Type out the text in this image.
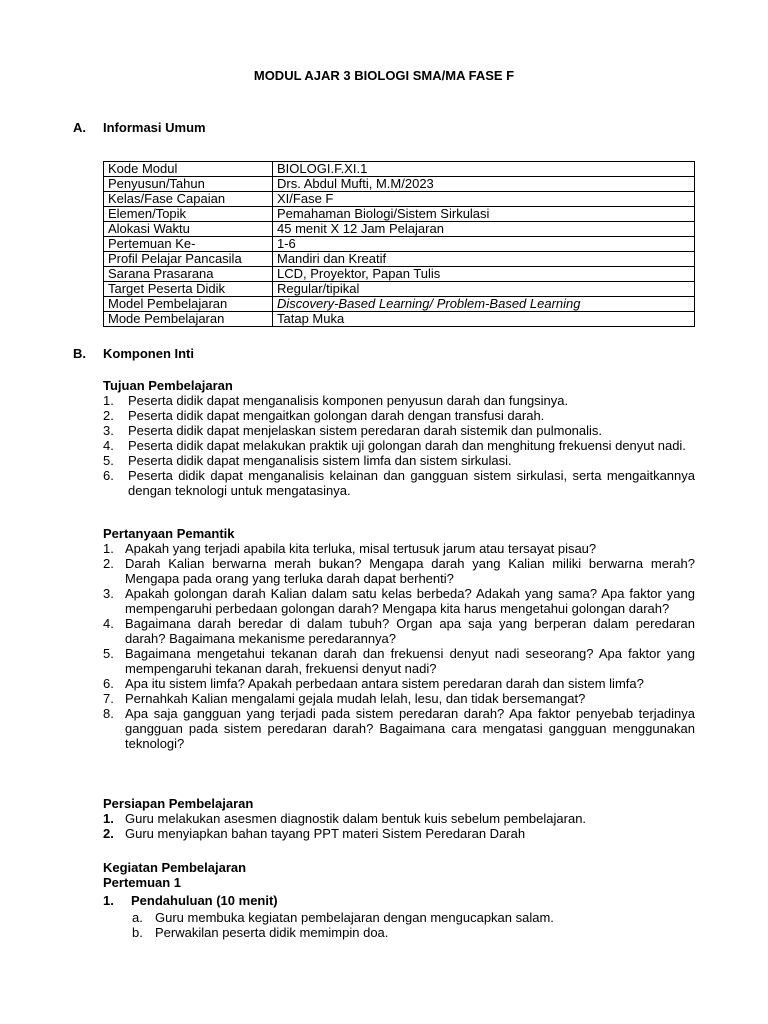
MODUL AJAR 3 BIOLOGI SMA/MA FASE F
A. Informasi Umum
Kode Modul	BIOLOGI.F.XI.1
Penyusun/Tahun	Drs. Abdul Mufti, M.M/2023
Kelas/Fase Capaian	XI/Fase F
Elemen/Topik	Pemahaman Biologi/Sistem Sirkulasi
Alokasi Waktu	45 menit X 12 Jam Pelajaran
Pertemuan Ke-	1-6
Profil Pelajar Pancasila	Mandiri dan Kreatif
Sarana Prasarana	LCD, Proyektor, Papan Tulis
Target Peserta Didik	Regular/tipikal
Model Pembelajaran	Discovery-Based Learning/ Problem-Based Learning
Mode Pembelajaran	Tatap Muka
B. Komponen Inti
Tujuan Pembelajaran
1. Peserta didik dapat menganalisis komponen penyusun darah dan fungsinya.
2. Peserta didik dapat mengaitkan golongan darah dengan transfusi darah.
3. Peserta didik dapat menjelaskan sistem peredaran darah sistemik dan pulmonalis.
4. Peserta didik dapat melakukan praktik uji golongan darah dan menghitung frekuensi denyut nadi.
5. Peserta didik dapat menganalisis sistem limfa dan sistem sirkulasi.
6. Peserta didik dapat menganalisis kelainan dan gangguan sistem sirkulasi, serta mengaitkannya dengan teknologi untuk mengatasinya.
Pertanyaan Pemantik
1. Apakah yang terjadi apabila kita terluka, misal tertusuk jarum atau tersayat pisau?
2. Darah Kalian berwarna merah bukan? Mengapa darah yang Kalian miliki berwarna merah? Mengapa pada orang yang terluka darah dapat berhenti?
3. Apakah golongan darah Kalian dalam satu kelas berbeda? Adakah yang sama? Apa faktor yang mempengaruhi perbedaan golongan darah? Mengapa kita harus mengetahui golongan darah?
4. Bagaimana darah beredar di dalam tubuh? Organ apa saja yang berperan dalam peredaran darah? Bagaimana mekanisme peredarannya?
5. Bagaimana mengetahui tekanan darah dan frekuensi denyut nadi seseorang? Apa faktor yang mempengaruhi tekanan darah, frekuensi denyut nadi?
6. Apa itu sistem limfa? Apakah perbedaan antara sistem peredaran darah dan sistem limfa?
7. Pernahkah Kalian mengalami gejala mudah lelah, lesu, dan tidak bersemangat?
8. Apa saja gangguan yang terjadi pada sistem peredaran darah? Apa faktor penyebab terjadinya gangguan pada sistem peredaran darah? Bagaimana cara mengatasi gangguan menggunakan teknologi?
Persiapan Pembelajaran
1. Guru melakukan asesmen diagnostik dalam bentuk kuis sebelum pembelajaran.
2. Guru menyiapkan bahan tayang PPT materi Sistem Peredaran Darah
Kegiatan Pembelajaran
Pertemuan 1
1. Pendahuluan (10 menit)
a. Guru membuka kegiatan pembelajaran dengan mengucapkan salam.
b. Perwakilan peserta didik memimpin doa.
